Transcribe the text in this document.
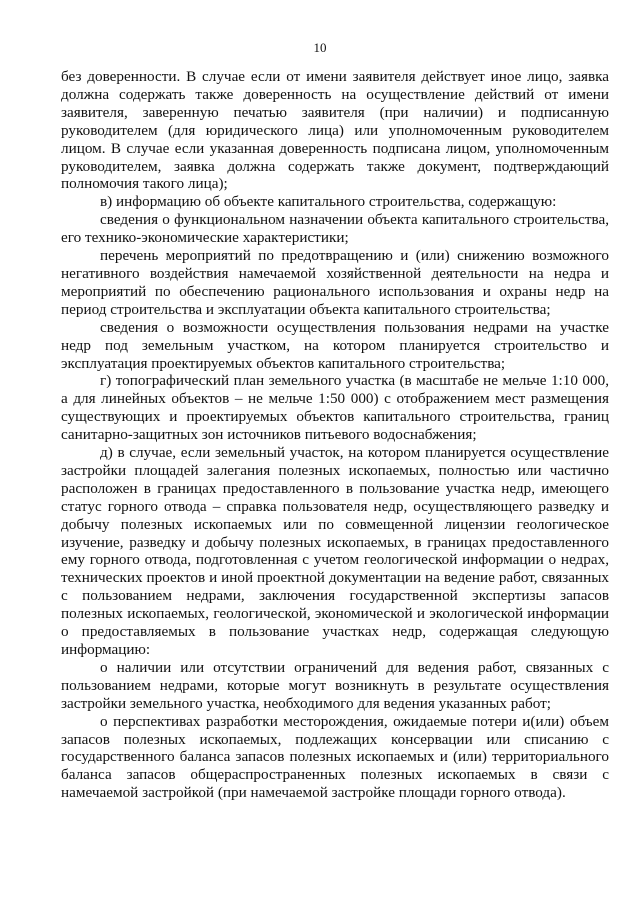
10

без доверенности. В случае если от имени заявителя действует иное лицо, заявка должна содержать также доверенность на осуществление действий от имени заявителя, заверенную печатью заявителя (при наличии) и подписанную руководителем (для юридического лица) или уполномоченным руководителем лицом. В случае если указанная доверенность подписана лицом, уполномоченным руководителем, заявка должна содержать также документ, подтверждающий полномочия такого лица);

в) информацию об объекте капитального строительства, содержащую:

сведения о функциональном назначении объекта капитального строительства, его технико-экономические характеристики;

перечень мероприятий по предотвращению и (или) снижению возможного негативного воздействия намечаемой хозяйственной деятельности на недра и мероприятий по обеспечению рационального использования и охраны недр на период строительства и эксплуатации объекта капитального строительства;

сведения о возможности осуществления пользования недрами на участке недр под земельным участком, на котором планируется строительство и эксплуатация проектируемых объектов капитального строительства;

г) топографический план земельного участка (в масштабе не мельче 1:10 000, а для линейных объектов – не мельче 1:50 000) с отображением мест размещения существующих и проектируемых объектов капитального строительства, границ санитарно-защитных зон источников питьевого водоснабжения;

д) в случае, если земельный участок, на котором планируется осуществление застройки площадей залегания полезных ископаемых, полностью или частично расположен в границах предоставленного в пользование участка недр, имеющего статус горного отвода – справка пользователя недр, осуществляющего разведку и добычу полезных ископаемых или по совмещенной лицензии геологическое изучение, разведку и добычу полезных ископаемых, в границах предоставленного ему горного отвода, подготовленная с учетом геологической информации о недрах, технических проектов и иной проектной документации на ведение работ, связанных с пользованием недрами, заключения государственной экспертизы запасов полезных ископаемых, геологической, экономической и экологической информации о предоставляемых в пользование участках недр, содержащая следующую информацию:

о наличии или отсутствии ограничений для ведения работ, связанных с пользованием недрами, которые могут возникнуть в результате осуществления застройки земельного участка, необходимого для ведения указанных работ;

о перспективах разработки месторождения, ожидаемые потери и(или) объем запасов полезных ископаемых, подлежащих консервации или списанию с государственного баланса запасов полезных ископаемых и (или) территориального баланса запасов общераспространенных полезных ископаемых в связи с намечаемой застройкой (при намечаемой застройке площади горного отвода).
